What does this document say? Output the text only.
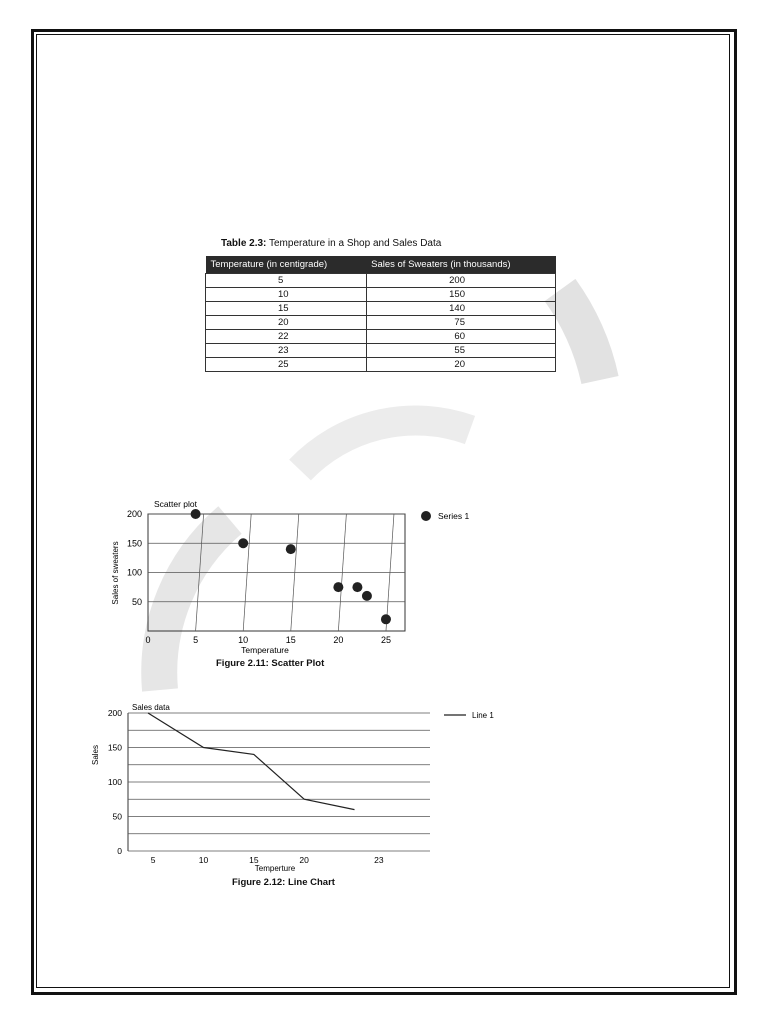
Table 2.3: Temperature in a Shop and Sales Data
Temperature (in centigrade)	Sales of Sweaters (in thousands)
5	200
10	150
15	140
20	75
22	60
23	55
25	20
50
100
150
200
0	5	10	15	20	25
Scatter plot
Temperature
Sales of sweaters
Series 1
0
50
100
150
200
5	10	15	20	23
Sales data
Temperture
Sales
Line 1
Figure 2.11: Scatter Plot
Figure 2.12: Line Chart
